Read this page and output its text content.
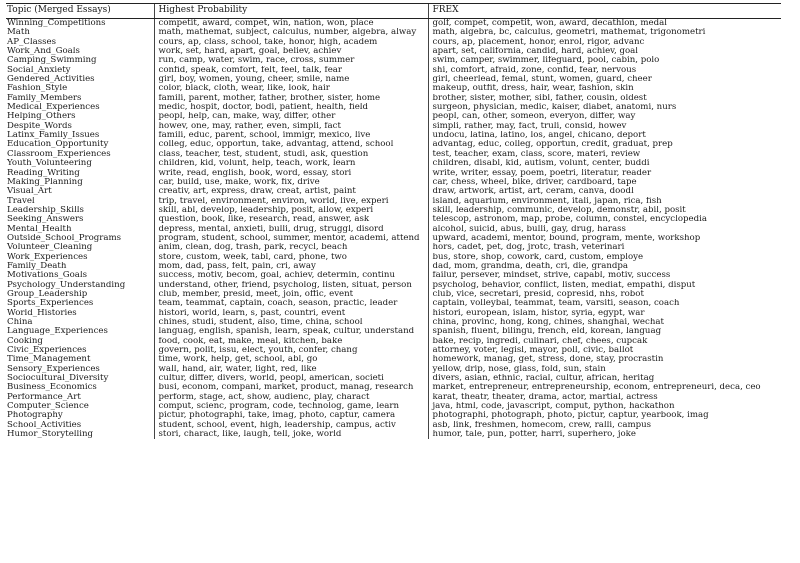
Topic (Merged Essays)	Highest Probability	FREX
Winning_Competitions	competit, award, compet, win, nation, won, place	golf, compet, competit, won, award, decathlon, medal
Math	math, mathemat, subject, calculus, number, algebra, alway	math, algebra, bc, calculus, geometri, mathemat, trigonometri
AP_Classes	cours, ap, class, school, take, honor, high, academ	cours, ap, placement, honor, enrol, rigor, advanc
Work_And_Goals	work, set, hard, apart, goal, believ, achiev	apart, set, california, candid, hard, achiev, goal
Camping_Swimming	run, camp, water, swim, race, cross, summer	swim, camper, swimmer, lifeguard, pool, cabin, polo
Social_Anxiety	confid, speak, comfort, felt, feel, talk, fear	shi, comfort, afraid, zone, confid, fear, nervous
Gendered_Activities	girl, boy, women, young, cheer, smile, name	girl, cheerlead, femal, stunt, women, guard, cheer
Fashion_Style	color, black, cloth, wear, like, look, hair	makeup, outfit, dress, hair, wear, fashion, skin
Family_Members	famili, parent, mother, father, brother, sister, home	brother, sister, mother, sibl, father, cousin, oldest
Medical_Experiences	medic, hospit, doctor, bodi, patient, health, field	surgeon, physician, medic, kaiser, diabet, anatomi, nurs
Helping_Others	peopl, help, can, make, way, differ, other	peopl, can, other, someon, everyon, differ, way
Despite_Words	howev, one, may, rather, even, simpli, fact	simpli, rather, may, fact, truli, consid, howev
Latinx_Family_Issues	famili, educ, parent, school, immigr, mexico, live	undocu, latina, latino, los, angel, chicano, deport
Education_Opportunity	colleg, educ, opportun, take, advantag, attend, school	advantag, educ, colleg, opportun, credit, graduat, prep
Classroom_Experiences	class, teacher, test, student, studi, ask, question	test, teacher, exam, class, score, materi, review
Youth_Volunteering	children, kid, volunt, help, teach, work, learn	children, disabl, kid, autism, volunt, center, buddi
Reading_Writing	write, read, english, book, word, essay, stori	write, writer, essay, poem, poetri, literatur, reader
Making_Planning	car, build, use, make, work, fix, drive	car, chess, wheel, bike, driver, cardboard, tape
Visual_Art	creativ, art, express, draw, creat, artist, paint	draw, artwork, artist, art, ceram, canva, doodl
Travel	trip, travel, environment, environ, world, live, experi	island, aquarium, environment, itali, japan, rica, fish
Leadership_Skills	skill, abl, develop, leadership, posit, allow, experi	skill, leadership, communic, develop, demonstr, abil, posit
Seeking_Answers	question, book, like, research, read, answer, ask	telescop, astronom, map, probe, column, constel, encyclopedia
Mental_Health	depress, mental, anxieti, bulli, drug, struggl, disord	alcohol, suicid, abus, bulli, gay, drug, harass
Outside_School_Programs	program, student, school, summer, mentor, academi, attend	upward, academi, mentor, bound, program, mente, workshop
Volunteer_Cleaning	anim, clean, dog, trash, park, recycl, beach	hors, cadet, pet, dog, jrotc, trash, veterinari
Work_Experiences	store, custom, week, tabl, card, phone, two	bus, store, shop, cowork, card, custom, employe
Family_Death	mom, dad, pass, felt, pain, cri, away	dad, mom, grandma, death, cri, die, grandpa
Motivations_Goals	success, motiv, becom, goal, achiev, determin, continu	failur, persever, mindset, strive, capabl, motiv, success
Psychology_Understanding	understand, other, friend, psycholog, listen, situat, person	psycholog, behavior, conflict, listen, mediat, empathi, disput
Group_Leadership	club, member, presid, meet, join, offic, event	club, vice, secretari, presid, copresid, nhs, robot
Sports_Experiences	team, teammat, captain, coach, season, practic, leader	captain, volleybal, teammat, team, varsiti, season, coach
World_Histories	histori, world, learn, s, past, countri, event	histori, european, islam, histor, syria, egypt, war
China	chines, studi, student, also, time, china, school	china, provinc, hong, kong, chines, shanghai, wechat
Language_Experiences	languag, english, spanish, learn, speak, cultur, understand	spanish, fluent, bilingu, french, eld, korean, languag
Cooking	food, cook, eat, make, meal, kitchen, bake	bake, recip, ingredi, culinari, chef, chees, cupcak
Civic_Experiences	govern, polit, issu, elect, youth, confer, chang	attorney, voter, legisl, mayor, poll, civic, ballot
Time_Management	time, work, help, get, school, abl, go	homework, manag, get, stress, done, stay, procrastin
Sensory_Experiences	wall, hand, air, water, light, red, like	yellow, drip, nose, glass, fold, sun, stain
Sociocultural_Diversity	cultur, differ, divers, world, peopl, american, societi	divers, asian, ethnic, racial, cultur, african, heritag
Business_Economics	busi, econom, compani, market, product, manag, research	market, entrepreneur, entrepreneurship, econom, entrepreneuri, deca, ceo
Performance_Art	perform, stage, act, show, audienc, play, charact	karat, theatr, theater, drama, actor, martial, actress
Computer_Science	comput, scienc, program, code, technolog, game, learn	java, html, code, javascript, comput, python, hackathon
Photography	pictur, photographi, take, imag, photo, captur, camera	photographi, photograph, photo, pictur, captur, yearbook, imag
School_Activities	student, school, event, high, leadership, campus, activ	asb, link, freshmen, homecom, crew, ralli, campus
Humor_Storytelling	stori, charact, like, laugh, tell, joke, world	humor, tale, pun, potter, harri, superhero, joke
